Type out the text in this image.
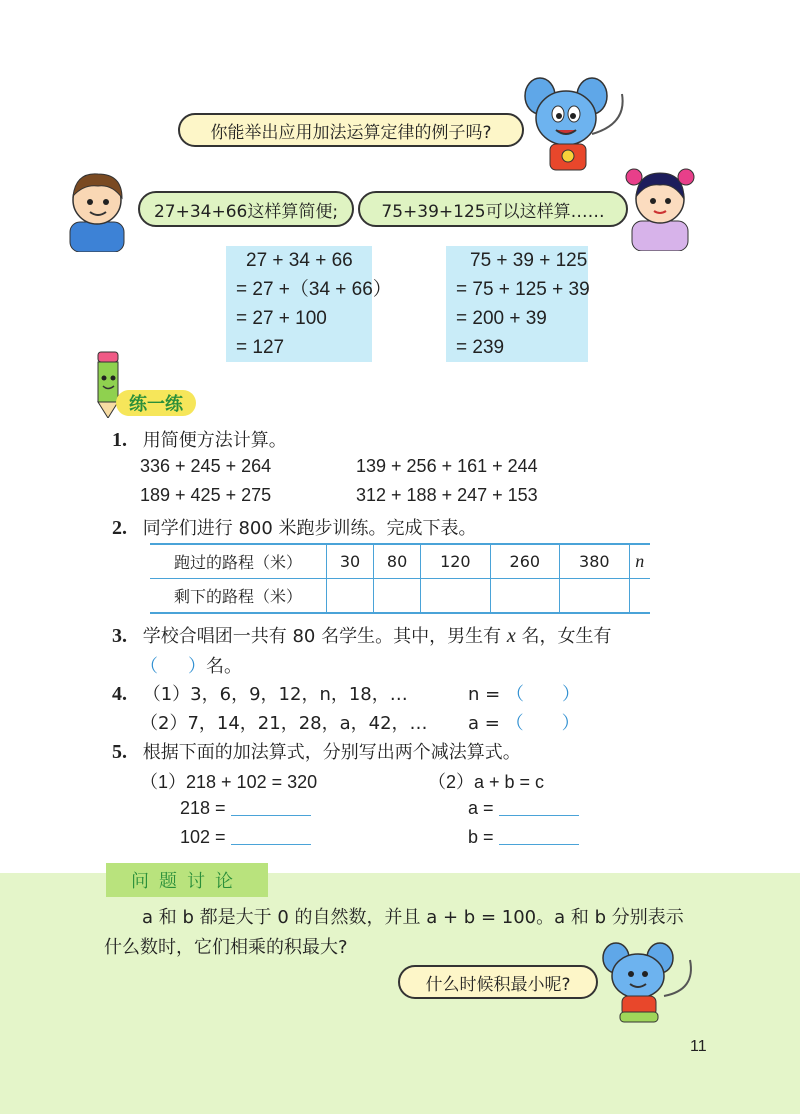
你能举出应用加法运算定律的例子吗?
27+34+66这样算简便;	75+39+125可以这样算……
27 + 34 + 66
= 27 +（34 + 66）
= 27 + 100
= 127
75 + 39 + 125
= 75 + 125 + 39
= 200 + 39
= 239
练一练
1. 用简便方法计算。
336 + 245 + 264	139 + 256 + 161 + 244
189 + 425 + 275	312 + 188 + 247 + 153
2. 同学们进行 800 米跑步训练。完成下表。
跑过的路程（米）	30	80	120	260	380	n
剩下的路程（米）						
3. 学校合唱团一共有 80 名学生。其中，男生有 x 名，女生有
（ ）名。
4. （1）3，6，9，12，n，18，…	n = （ ）
（2）7，14，21，28，a，42，… a = （ ）
5. 根据下面的加法算式，分别写出两个减法算式。
（1）218 + 102 = 320	（2）a + b = c
218 =
102 =
a =
b =
问题讨论
a 和 b 都是大于 0 的自然数，并且 a + b = 100。a 和 b 分别表示
什么数时，它们相乘的积最大?
什么时候积最小呢?
11
